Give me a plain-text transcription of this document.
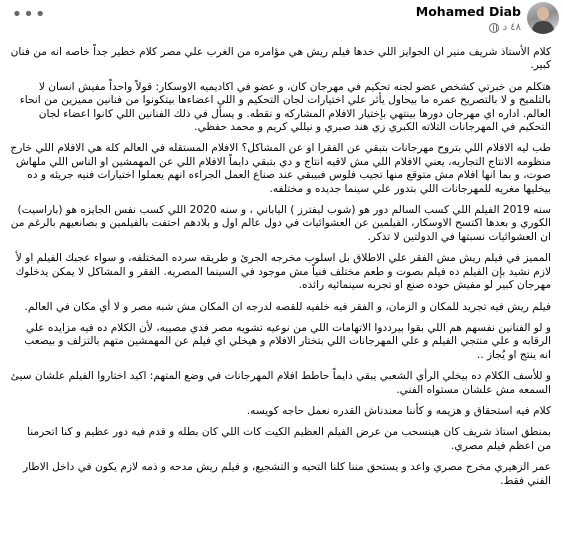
•••	Mohamed Diab
٤٨ د

كلام الأستاذ شريف منير ان الجوايز اللي خدها فيلم ريش هي مؤامره من الغرب علي مصر كلام خطير جداً خاصه انه من فنان كبير.

هتكلم من خبرتي كشخص عضو لجنه تحكيم في مهرجان كان، و عضو في اكاديميه الاوسكار: قولاً واحداً مفيش انسان لا بالتلميح و لا بالتصريح عمره ما بيحاول يأثر علي اختيارات لجان التحكيم و اللي اعضاءها بيتكونوا من فنانين مميزين من انحاء العالم. اداره اي مهرجان دورها بينتهي بإختيار الافلام المشاركه و نقطه. و يسأل في ذلك الفنانين اللي كانوا اعضاء لجان التحكيم في المهرجانات التلاته الكبري زي هند صبري و نيللي كريم و محمد حفظي.

طب ليه الافلام اللي بتروح مهرجانات بتبقي عن الفقرا او عن المشاكل؟ الافلام المستقله في العالم كله هي الافلام اللي خارج منظومه الانتاج التجاريه، يعني الافلام اللي مش لاقيه انتاج و دي بتبقي دايماً الافلام اللي عن المهمشين او الناس اللي ملهاش صوت، و بما انها افلام مش متوقع منها تجيب فلوس فبيبقي عند صناع العمل الجراءه انهم يعملوا اختيارات فنيه جريئه و ده بيخليها مغريه للمهرجانات اللي بتدور علي سينما جديده و مختلفه.

سنه 2019 الفيلم اللي كسب السالم دور هو (شوب ليفترز ) الياباني ، و سنه 2020 اللي كسب نفس الجايزه هو (باراسيت) الكوري و بعدها اكتسح الاوسكار، الفيلمين عن العشوائيات في دول عالم اول و بلادهم احتفت بالفيلمين و بصانعيهم بالرغم من ان العشوائيات نسبتها في الدولتين لا تذكر.

المميز في فيلم ريش مش الفقر علي الاطلاق بل اسلوب مخرجه الجرئ و طريقه سرده المختلفه، و سواء عجبك الفيلم او لأ لازم نشيد بإن الفيلم ده فيلم بصوت و طعم مختلف فنياً مش موجود في السينما المصريه. الفقر و المشاكل لا يمكن يدخلوك مهرجان كبير لو مفيش حوده صنع او تجربه سينمائيه رائده.

فيلم ريش فيه تجريد للمكان و الزمان، و الفقر فيه خلفيه للقصه لدرجه ان المكان مش شبه مصر و لا أي مكان في العالم.

و لو الفنانين نفسهم هم اللي بقوا بيرددوا الاتهامات اللي من نوعيه تشويه مصر فدي مصيبه، لأن الكلام ده فيه مزايده علي الرقابه و علي منتجي الفيلم و علي المهرجانات اللي بتختار الافلام و هيخلي اي فيلم عن المهمشين متهم بالتزلف و بيصعب انه ينتج او يُجاز ..

و للأسف الكلام ده بيخلي الرأي الشعبي يبقي دايماً حاطط افلام المهرجانات في وضع المتهم: اكيد اختاروا الفيلم علشان سيئ السمعه مش علشان مستواه الفني.

كلام فيه استحقاق و هزيمه و كأننا معندناش القدره نعمل حاجه كويسه.

بمنطق استاذ شريف كان هينسحب من عرض الفيلم العظيم الكيت كات اللي كان بطله و قدم فيه دور عظيم و كنا اتحرمنا من اعظم فيلم مصري.

عمر الزهيري مخرج مصري واعد و يستحق مننا كلنا التحيه و التشجيع، و فيلم ريش مدحه و ذمه لازم يكون في داخل الاطار الفني فقط.
